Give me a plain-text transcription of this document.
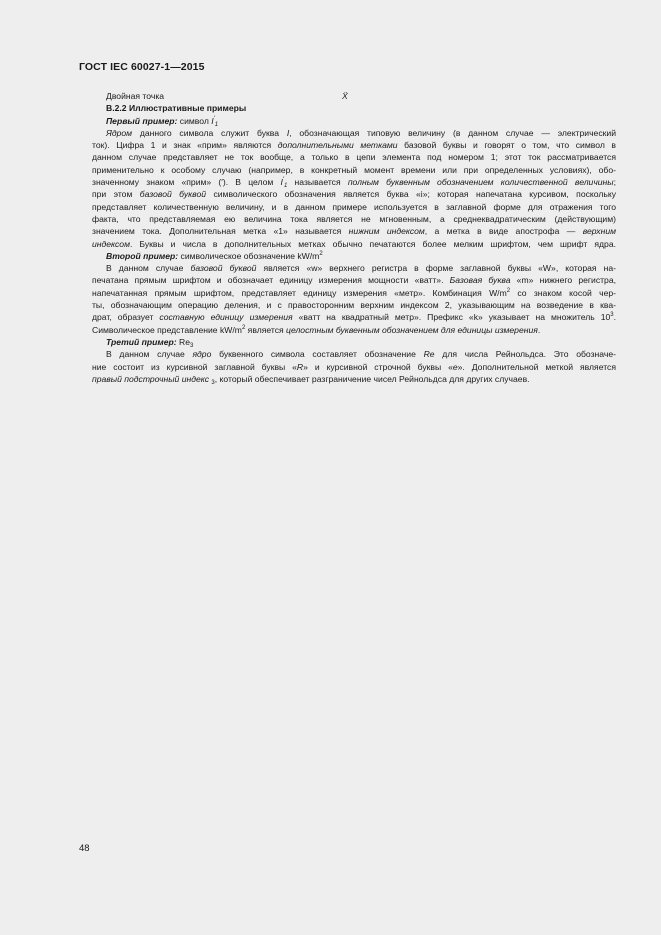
ГОСТ IEC 60027-1—2015
Двойная точка	Ẍ
В.2.2 Иллюстративные примеры
Первый пример: символ $I'_1$
Ядром данного символа служит буква I, обозначающая типовую величину (в данном случае — электрический
ток). Цифра 1 и знак «прим» являются дополнительными метками базовой буквы и говорят о том, что символ в
данном случае представляет не ток вообще, а только в цепи элемента под номером 1; этот ток рассматривается
применительно к особому случаю (например, в конкретный момент времени или при определенных условиях), обо-
значенному знаком «прим» (′). В целом $I'_1$ называется полным буквенным обозначением количественной величины;
при этом базовой буквой символического обозначения является буква «i»; которая напечатана курсивом, поскольку
представляет количественную величину, и в данном примере используется в заглавной форме для отражения того
факта, что представляемая ею величина тока является не мгновенным, а среднеквадратическим (действующим)
значением тока. Дополнительная метка «1» называется нижним индексом, а метка в виде апострофа — верхним
индексом. Буквы и числа в дополнительных метках обычно печатаются более мелким шрифтом, чем шрифт ядра.
Второй пример: символическое обозначение $kW/m^2$
В данном случае базовой буквой является «w» верхнего регистра в форме заглавной буквы «W», которая на-
печатана прямым шрифтом и обозначает единицу измерения мощности «ватт». Базовая буква «m» нижнего регистра,
напечатанная прямым шрифтом, представляет единицу измерения «метр». Комбинация $W/m^2$ со знаком косой чер-
ты, обозначающим операцию деления, и с правосторонним верхним индексом 2, указывающим на возведение в ква-
драт, образует составную единицу измерения «ватт на квадратный метр». Префикс «k» указывает на множитель $10^3$.
Символическое представление $kW/m^2$ является целостным буквенным обозначением для единицы измерения.
Третий пример: $Re_3$
В данном случае ядро буквенного символа составляет обозначение Re для числа Рейнольдса. Это обозначе-
ние состоит из курсивной заглавной буквы «R» и курсивной строчной буквы «e». Дополнительной меткой является
правый подстрочный индекс $_3$, который обеспечивает разграничение чисел Рейнольдса для других случаев.
48
